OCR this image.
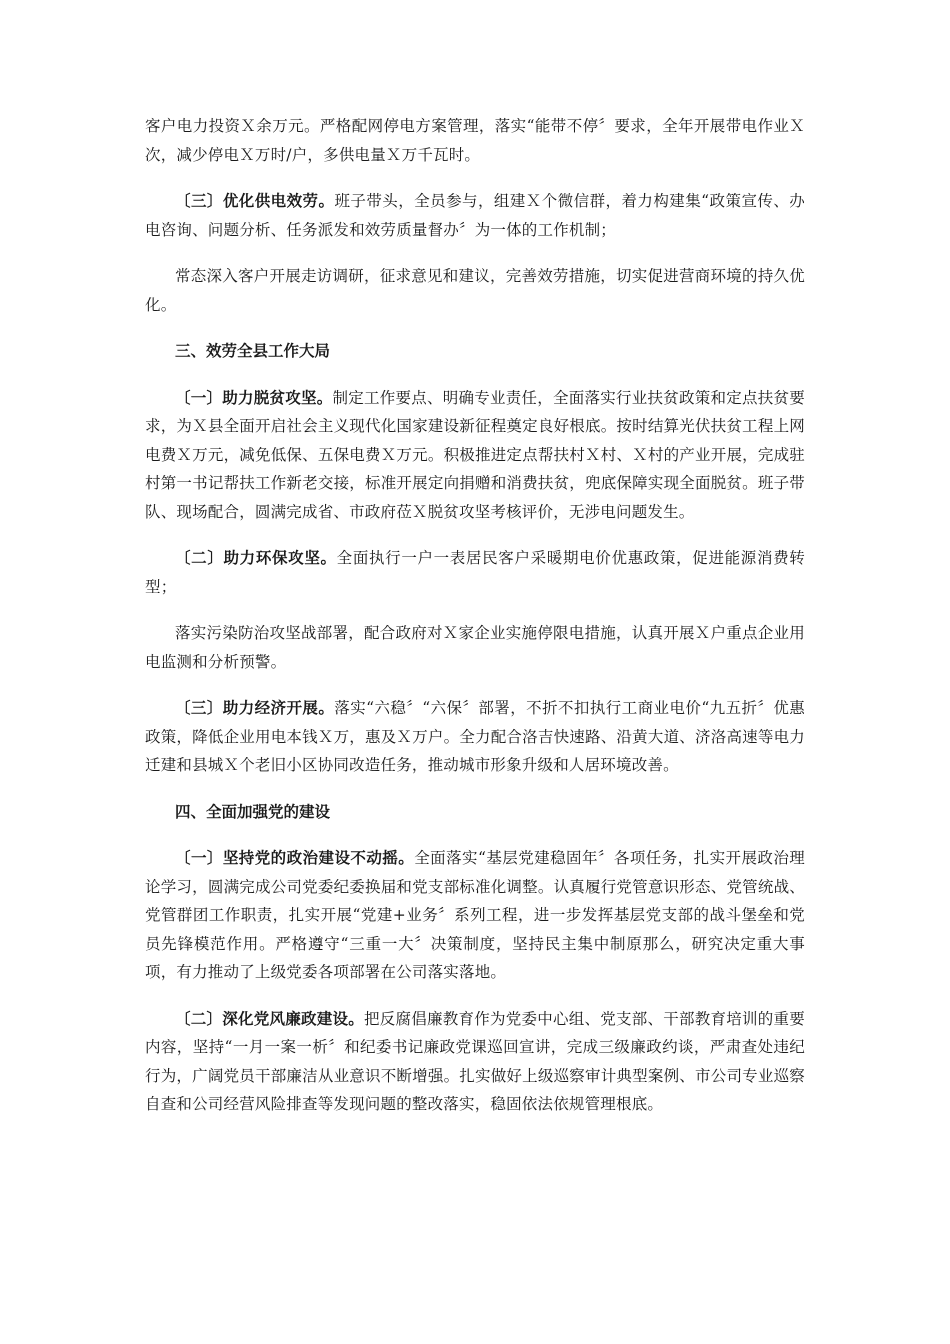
客户电力投资Ｘ余万元。严格配网停电方案管理，落实“能带不停〞要求，全年开展带电作业Ｘ次，减少停电Ｘ万时/户，多供电量Ｘ万千瓦时。

〔三〕优化供电效劳。班子带头，全员参与，组建Ｘ个微信群，着力构建集“政策宣传、办电咨询、问题分析、任务派发和效劳质量督办〞为一体的工作机制；

常态深入客户开展走访调研，征求意见和建议，完善效劳措施，切实促进营商环境的持久优化。

三、效劳全县工作大局

〔一〕助力脱贫攻坚。制定工作要点、明确专业责任，全面落实行业扶贫政策和定点扶贫要求，为Ｘ县全面开启社会主义现代化国家建设新征程奠定良好根底。按时结算光伏扶贫工程上网电费Ｘ万元，减免低保、五保电费Ｘ万元。积极推进定点帮扶村Ｘ村、Ｘ村的产业开展，完成驻村第一书记帮扶工作新老交接，标准开展定向捐赠和消费扶贫，兜底保障实现全面脱贫。班子带队、现场配合，圆满完成省、市政府莅Ｘ脱贫攻坚考核评价，无涉电问题发生。

〔二〕助力环保攻坚。全面执行一户一表居民客户采暖期电价优惠政策，促进能源消费转型；

落实污染防治攻坚战部署，配合政府对Ｘ家企业实施停限电措施，认真开展Ｘ户重点企业用电监测和分析预警。

〔三〕助力经济开展。落实“六稳〞“六保〞部署，不折不扣执行工商业电价“九五折〞优惠政策，降低企业用电本钱Ｘ万，惠及Ｘ万户。全力配合洛吉快速路、沿黄大道、济洛高速等电力迁建和县城Ｘ个老旧小区协同改造任务，推动城市形象升级和人居环境改善。

四、全面加强党的建设

〔一〕坚持党的政治建设不动摇。全面落实“基层党建稳固年〞各项任务，扎实开展政治理论学习，圆满完成公司党委纪委换届和党支部标准化调整。认真履行党管意识形态、党管统战、党管群团工作职责，扎实开展“党建+业务〞系列工程，进一步发挥基层党支部的战斗堡垒和党员先锋模范作用。严格遵守“三重一大〞决策制度，坚持民主集中制原那么，研究决定重大事项，有力推动了上级党委各项部署在公司落实落地。

〔二〕深化党风廉政建设。把反腐倡廉教育作为党委中心组、党支部、干部教育培训的重要内容，坚持“一月一案一析〞和纪委书记廉政党课巡回宣讲，完成三级廉政约谈，严肃查处违纪行为，广阔党员干部廉洁从业意识不断增强。扎实做好上级巡察审计典型案例、市公司专业巡察自查和公司经营风险排查等发现问题的整改落实，稳固依法依规管理根底。
